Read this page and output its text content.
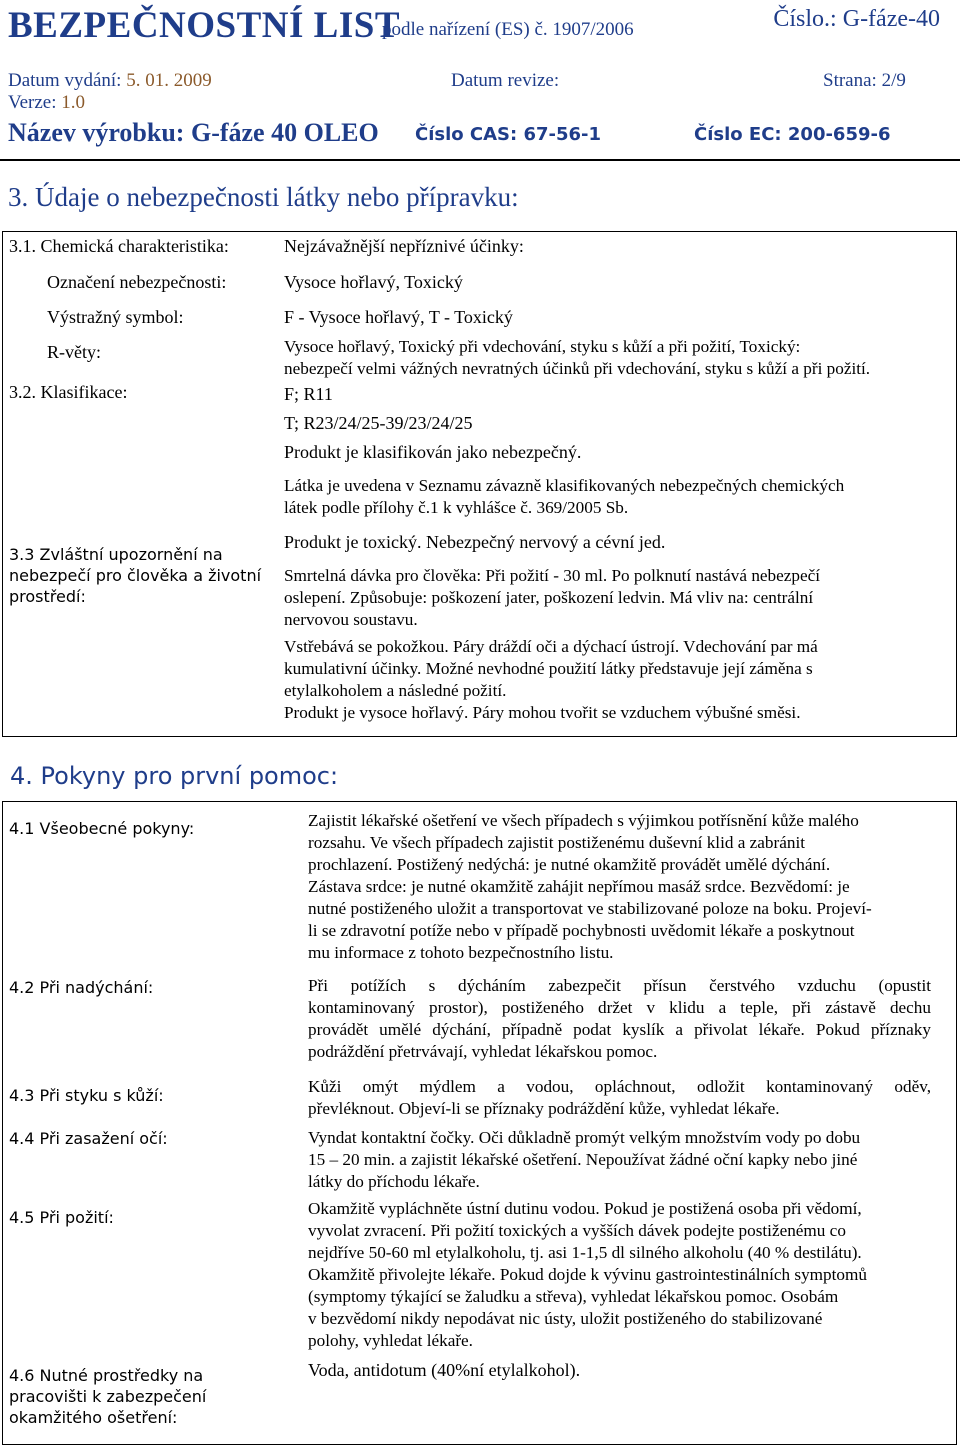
BEZPEČNOSTNÍ LIST
podle nařízení (ES) č. 1907/2006	Číslo.: G-fáze-40
Datum vydání: 5. 01. 2009
Verze: 1.0
Datum revize:	Strana: 2/9
Název výrobku: G-fáze 40 OLEO Číslo CAS: 67-56-1	Číslo EC: 200-659-6
3. Údaje o nebezpečnosti látky nebo přípravku:
3.1. Chemická charakteristika:	Nejzávažnější nepříznivé účinky:
Označení nebezpečnosti:	Vysoce hořlavý, Toxický
Výstražný symbol:	F - Vysoce hořlavý, T - Toxický
R-věty:	Vysoce hořlavý, Toxický při vdechování, styku s kůží a při požití, Toxický:
nebezpečí velmi vážných nevratných účinků při vdechování, styku s kůží a při požití.
3.2. Klasifikace:	F; R11
T; R23/24/25-39/23/24/25
Produkt je klasifikován jako nebezpečný.
Látka je uvedena v Seznamu závazně klasifikovaných nebezpečných chemických
látek podle přílohy č.1 k vyhlášce č. 369/2005 Sb.
3.3 Zvláštní upozornění na
nebezpečí pro člověka a životní
prostředí:
Produkt je toxický. Nebezpečný nervový a cévní jed.
Smrtelná dávka pro člověka: Při požití - 30 ml. Po polknutí nastává nebezpečí
oslepení. Způsobuje: poškození jater, poškození ledvin. Má vliv na: centrální
nervovou soustavu.
Vstřebává se pokožkou. Páry dráždí oči a dýchací ústrojí. Vdechování par má
kumulativní účinky. Možné nevhodné použití látky představuje její záměna s
etylalkoholem a následné požití.
Produkt je vysoce hořlavý. Páry mohou tvořit se vzduchem výbušné směsi.
4. Pokyny pro první pomoc:
4.1 Všeobecné pokyny:	Zajistit lékařské ošetření ve všech případech s výjimkou potřísnění kůže malého
rozsahu. Ve všech případech zajistit postiženému duševní klid a zabránit
prochlazení. Postižený nedýchá: je nutné okamžitě provádět umělé dýchání.
Zástava srdce: je nutné okamžitě zahájit nepřímou masáž srdce. Bezvědomí: je
nutné postiženého uložit a transportovat ve stabilizované poloze na boku. Projeví-
li se zdravotní potíže nebo v případě pochybnosti uvědomit lékaře a poskytnout
mu informace z tohoto bezpečnostního listu.
4.2 Při nadýchání:	Při potížích s dýcháním zabezpečit přísun čerstvého vzduchu (opustit
kontaminovaný prostor), postiženého držet v klidu a teple, při zástavě dechu
provádět umělé dýchání, případně podat kyslík a přivolat lékaře. Pokud příznaky
podráždění přetrvávají, vyhledat lékařskou pomoc.
4.3 Při styku s kůží:	Kůži omýt mýdlem a vodou, opláchnout, odložit kontaminovaný oděv,
převléknout. Objeví-li se příznaky podráždění kůže, vyhledat lékaře.
4.4 Při zasažení očí:	Vyndat kontaktní čočky. Oči důkladně promýt velkým množstvím vody po dobu
15 – 20 min. a zajistit lékařské ošetření. Nepoužívat žádné oční kapky nebo jiné
látky do příchodu lékaře.
4.5 Při požití:	Okamžitě vypláchněte ústní dutinu vodou. Pokud je postižená osoba při vědomí,
vyvolat zvracení. Při požití toxických a vyšších dávek podejte postiženému co
nejdříve 50-60 ml etylalkoholu, tj. asi 1-1,5 dl silného alkoholu (40 % destilátu).
Okamžitě přivolejte lékaře. Pokud dojde k vývinu gastrointestinálních symptomů
(symptomy týkající se žaludku a střeva), vyhledat lékařskou pomoc. Osobám
v bezvědomí nikdy nepodávat nic ústy, uložit postiženého do stabilizované
polohy, vyhledat lékaře.
4.6 Nutné prostředky na
pracovišti k zabezpečení
okamžitého ošetření:
Voda, antidotum (40%ní etylalkohol).
